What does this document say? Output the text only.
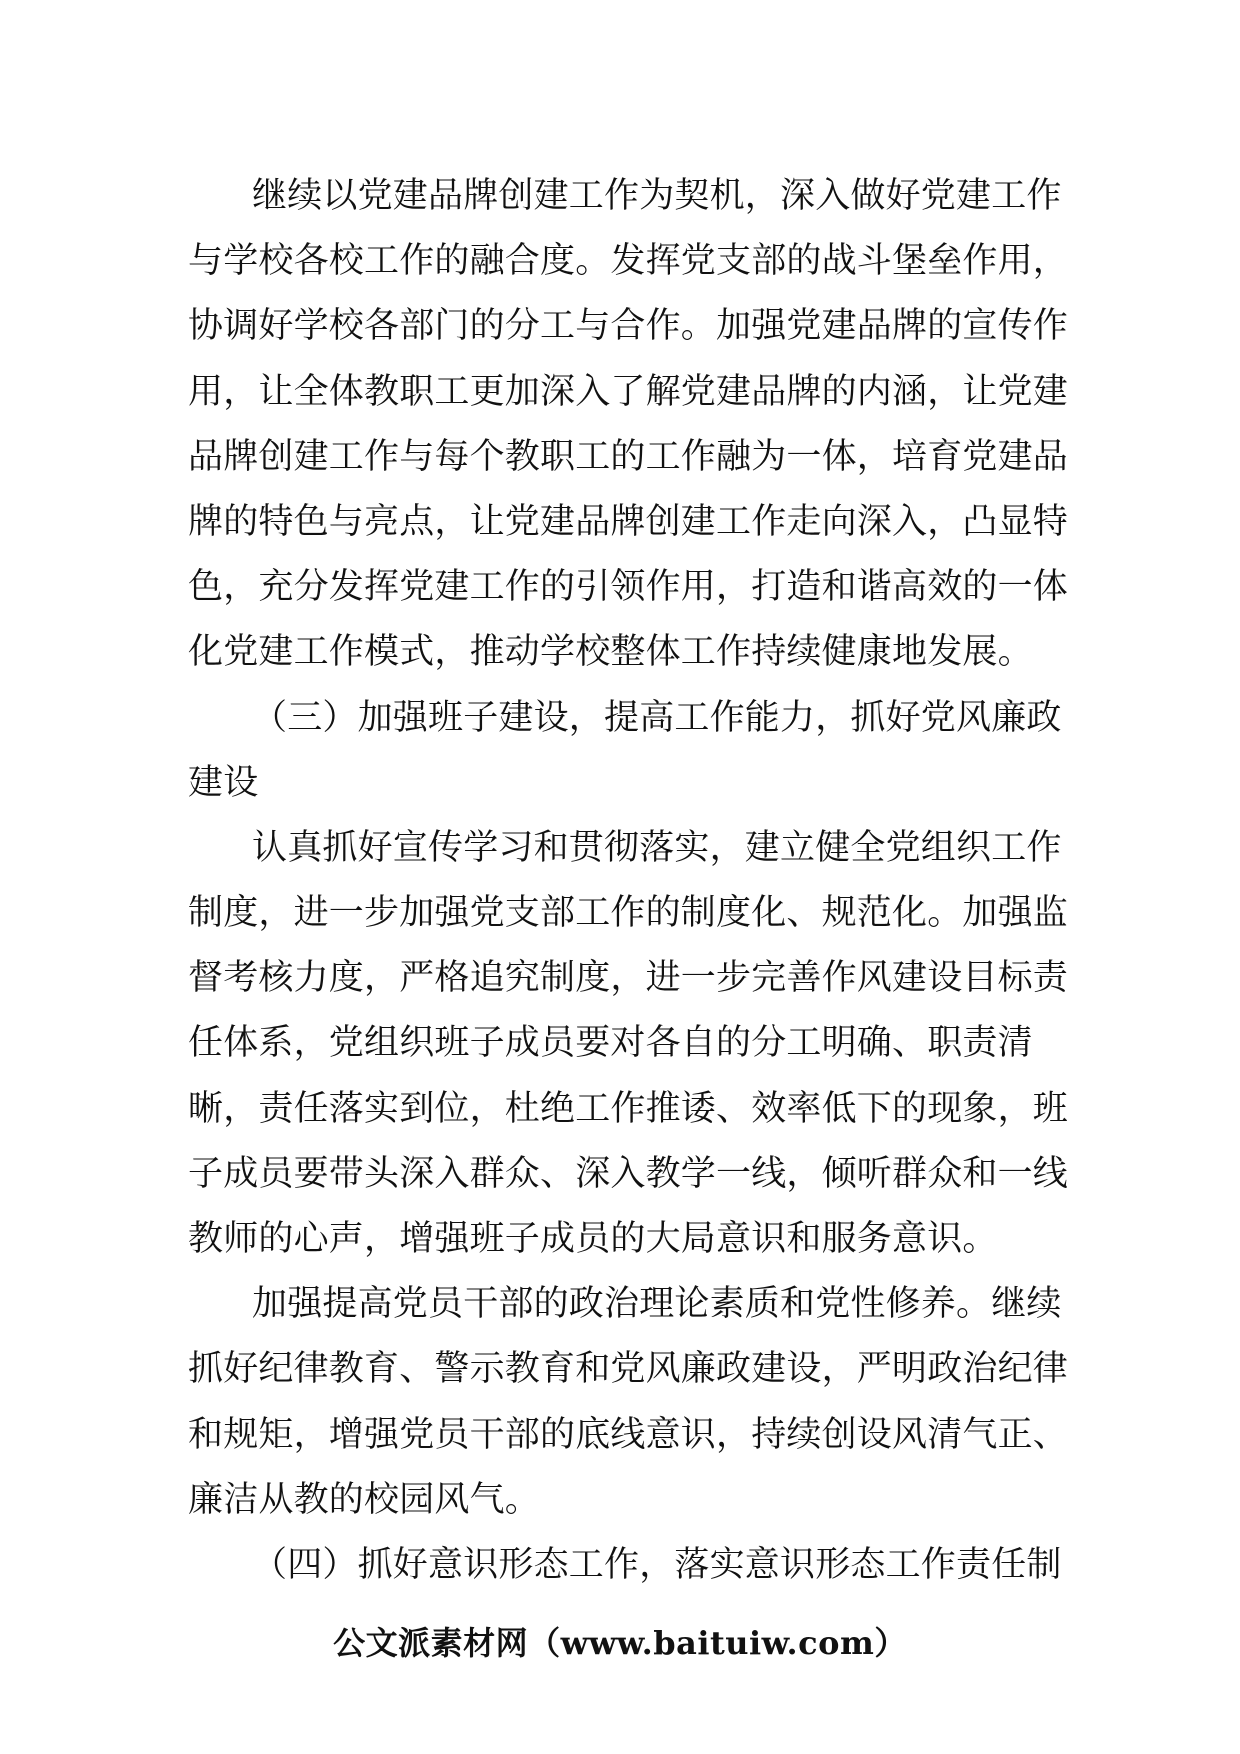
继续以党建品牌创建工作为契机，深入做好党建工作
与学校各校工作的融合度。发挥党支部的战斗堡垒作用，
协调好学校各部门的分工与合作。加强党建品牌的宣传作
用，让全体教职工更加深入了解党建品牌的内涵，让党建
品牌创建工作与每个教职工的工作融为一体，培育党建品
牌的特色与亮点，让党建品牌创建工作走向深入，凸显特
色，充分发挥党建工作的引领作用，打造和谐高效的一体
化党建工作模式，推动学校整体工作持续健康地发展。
（三）加强班子建设，提高工作能力，抓好党风廉政
建设
认真抓好宣传学习和贯彻落实，建立健全党组织工作
制度，进一步加强党支部工作的制度化、规范化。加强监
督考核力度，严格追究制度，进一步完善作风建设目标责
任体系，党组织班子成员要对各自的分工明确、职责清
晰，责任落实到位，杜绝工作推诿、效率低下的现象，班
子成员要带头深入群众、深入教学一线，倾听群众和一线
教师的心声，增强班子成员的大局意识和服务意识。
加强提高党员干部的政治理论素质和党性修养。继续
抓好纪律教育、警示教育和党风廉政建设，严明政治纪律
和规矩，增强党员干部的底线意识，持续创设风清气正、
廉洁从教的校园风气。
（四）抓好意识形态工作，落实意识形态工作责任制
公文派素材网（www.baituiw.com）
